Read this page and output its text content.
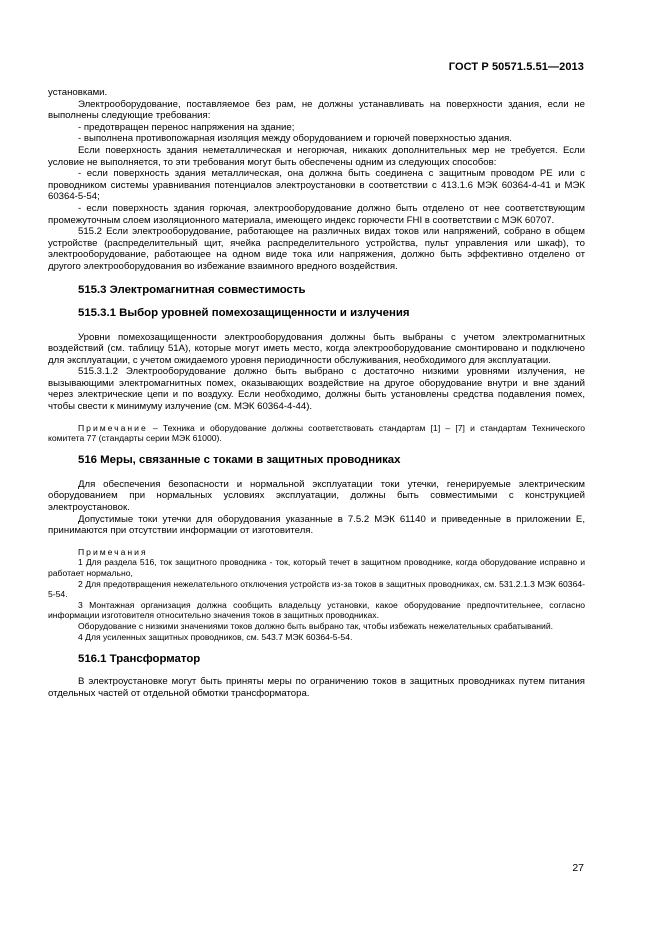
ГОСТ Р 50571.5.51—2013

установками.

Электрооборудование, поставляемое без рам, не должны устанавливать на поверхности здания, если не выполнены следующие требования:

- предотвращен перенос напряжения на здание;

- выполнена противопожарная изоляция между оборудованием и горючей поверхностью здания.

Если поверхность здания неметаллическая и негорючая, никаких дополнительных мер не требуется. Если условие не выполняется, то эти требования могут быть обеспечены одним из следующих способов:

- если поверхность здания металлическая, она должна быть соединена с защитным проводом PE или с проводником системы уравнивания потенциалов электроустановки в соответствии с 413.1.6 МЭК 60364-4-41 и МЭК 60364-5-54;

- если поверхность здания горючая, электрооборудование должно быть отделено от нее соответствующим промежуточным слоем изоляционного материала, имеющего индекс горючести FHI в соответствии с МЭК 60707.

515.2 Если электрооборудование, работающее на различных видах токов или напряжений, собрано в общем устройстве (распределительный щит, ячейка распределительного устройства, пульт управления или шкаф), то электрооборудование, работающее на одном виде тока или напряжения, должно быть эффективно отделено от другого электрооборудования во избежание взаимного вредного воздействия.

515.3 Электромагнитная совместимость
515.3.1 Выбор уровней помехозащищенности и излучения

Уровни помехозащищенности электрооборудования должны быть выбраны с учетом электромагнитных воздействий (см. таблицу 51А), которые могут иметь место, когда электрооборудование смонтировано и подключено для эксплуатации, с учетом ожидаемого уровня периодичности обслуживания, необходимого для эксплуатации.

515.3.1.2 Электрооборудование должно быть выбрано с достаточно низкими уровнями излучения, не вызывающими электромагнитных помех, оказывающих воздействие на другое оборудование внутри и вне зданий через электрические цепи и по воздуху. Если необходимо, должны быть установлены средства подавления помех, чтобы свести к минимуму излучение (см. МЭК 60364-4-44).

Примечание – Техника и оборудование должны соответствовать стандартам [1] – [7] и стандартам Технического комитета 77 (стандарты серии МЭК 61000).

516 Меры, связанные с токами в защитных проводниках

Для обеспечения безопасности и нормальной эксплуатации токи утечки, генерируемые электрическим оборудованием при нормальных условиях эксплуатации, должны быть совместимыми с конструкцией электроустановок.

Допустимые токи утечки для оборудования указанные в 7.5.2 МЭК 61140 и приведенные в приложении Е, принимаются при отсутствии информации от изготовителя.

Примечания

1 Для раздела 516, ток защитного проводника - ток, который течет в защитном проводнике, когда оборудование исправно и работает нормально,

2 Для предотвращения нежелательного отключения устройств из-за токов в защитных проводниках, см. 531.2.1.3 МЭК 60364-5-54.

3 Монтажная организация должна сообщить владельцу установки, какое оборудование предпочтительнее, согласно информации изготовителя относительно значения токов в защитных проводниках.

Оборудование с низкими значениями токов должно быть выбрано так, чтобы избежать нежелательных срабатываний.

4 Для усиленных защитных проводников, см. 543.7 МЭК 60364-5-54.

516.1 Трансформатор

В электроустановке могут быть приняты меры по ограничению токов в защитных проводниках путем питания отдельных частей от отдельной обмотки трансформатора.

27
